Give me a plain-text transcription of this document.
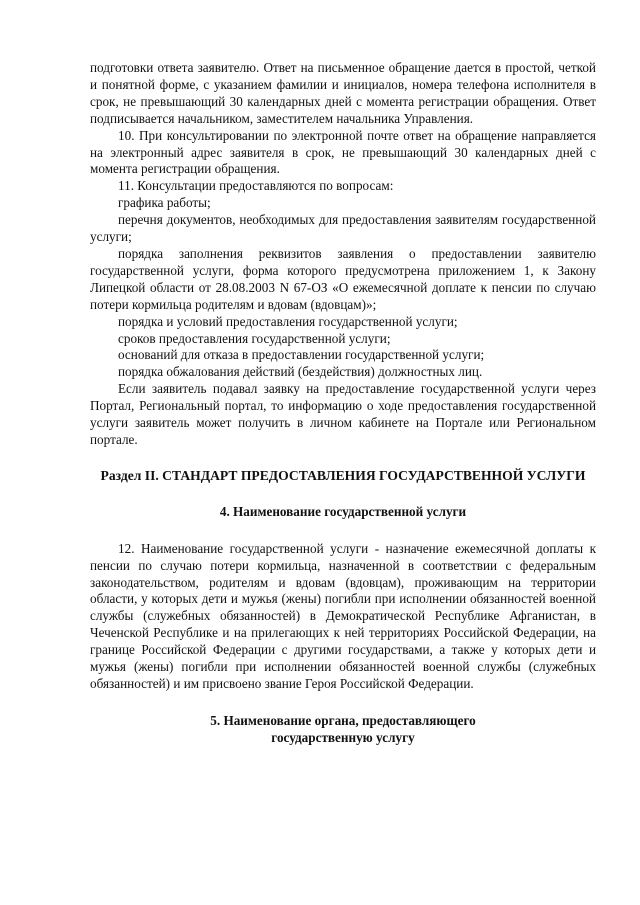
подготовки ответа заявителю. Ответ на письменное обращение дается в простой, четкой и понятной форме, с указанием фамилии и инициалов, номера телефона исполнителя в срок, не превышающий 30 календарных дней с момента регистрации обращения. Ответ подписывается начальником, заместителем начальника Управления.

10. При консультировании по электронной почте ответ на обращение направляется на электронный адрес заявителя в срок, не превышающий 30 календарных дней с момента регистрации обращения.

11. Консультации предоставляются по вопросам:

графика работы;

перечня документов, необходимых для предоставления заявителям государственной услуги;

порядка заполнения реквизитов заявления о предоставлении заявителю государственной услуги, форма которого предусмотрена приложением 1, к Закону Липецкой области от 28.08.2003 N 67-ОЗ «О ежемесячной доплате к пенсии по случаю потери кормильца родителям и вдовам (вдовцам)»;

порядка и условий предоставления государственной услуги;

сроков предоставления государственной услуги;

оснований для отказа в предоставлении государственной услуги;

порядка обжалования действий (бездействия) должностных лиц.

Если заявитель подавал заявку на предоставление государственной услуги через Портал, Региональный портал, то информацию о ходе предоставления государственной услуги заявитель может получить в личном кабинете на Портале или Региональном портале.

Раздел II. СТАНДАРТ ПРЕДОСТАВЛЕНИЯ ГОСУДАРСТВЕННОЙ УСЛУГИ

4. Наименование государственной услуги

12. Наименование государственной услуги - назначение ежемесячной доплаты к пенсии по случаю потери кормильца, назначенной в соответствии с федеральным законодательством, родителям и вдовам (вдовцам), проживающим на территории области, у которых дети и мужья (жены) погибли при исполнении обязанностей военной службы (служебных обязанностей) в Демократической Республике Афганистан, в Чеченской Республике и на прилегающих к ней территориях Российской Федерации, на границе Российской Федерации с другими государствами, а также у которых дети и мужья (жены) погибли при исполнении обязанностей военной службы (служебных обязанностей) и им присвоено звание Героя Российской Федерации.

5. Наименование органа, предоставляющего

государственную услугу
